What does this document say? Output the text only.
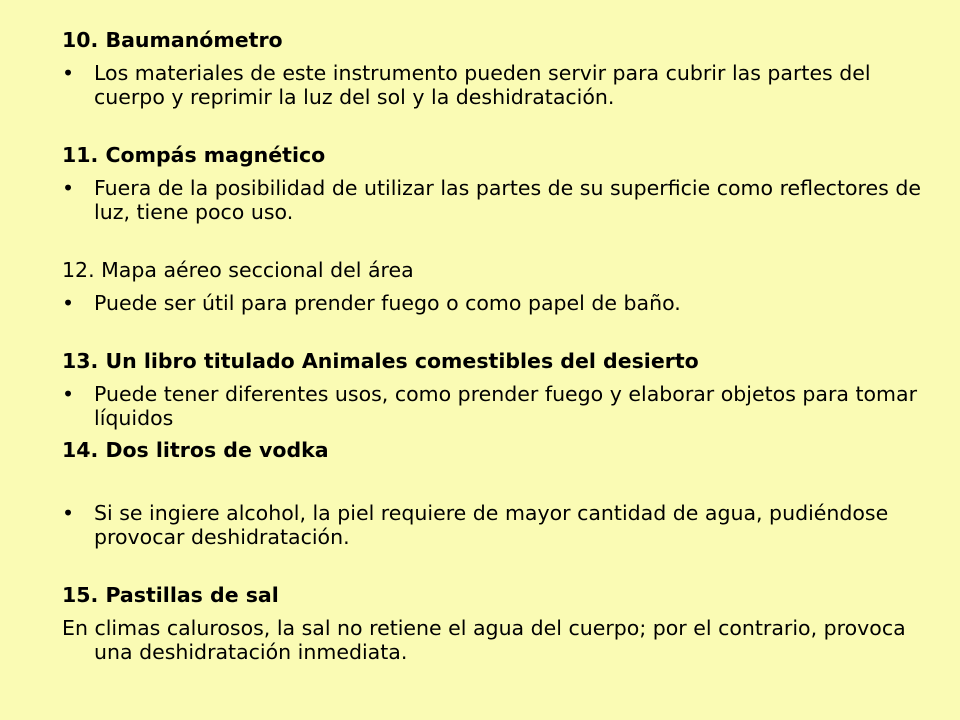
10. Baumanómetro

• Los materiales de este instrumento pueden servir para cubrir las partes del cuerpo y reprimir la luz del sol y la deshidratación.

11. Compás magnético

• Fuera de la posibilidad de utilizar las partes de su superficie como reflectores de luz, tiene poco uso.

12. Mapa aéreo seccional del área

• Puede ser útil para prender fuego o como papel de baño.

13. Un libro titulado Animales comestibles del desierto

• Puede tener diferentes usos, como prender fuego y elaborar objetos para tomar líquidos

14. Dos litros de vodka

• Si se ingiere alcohol, la piel requiere de mayor cantidad de agua, pudiéndose provocar deshidratación.

15. Pastillas de sal

En climas calurosos, la sal no retiene el agua del cuerpo; por el contrario, provoca una deshidratación inmediata.
